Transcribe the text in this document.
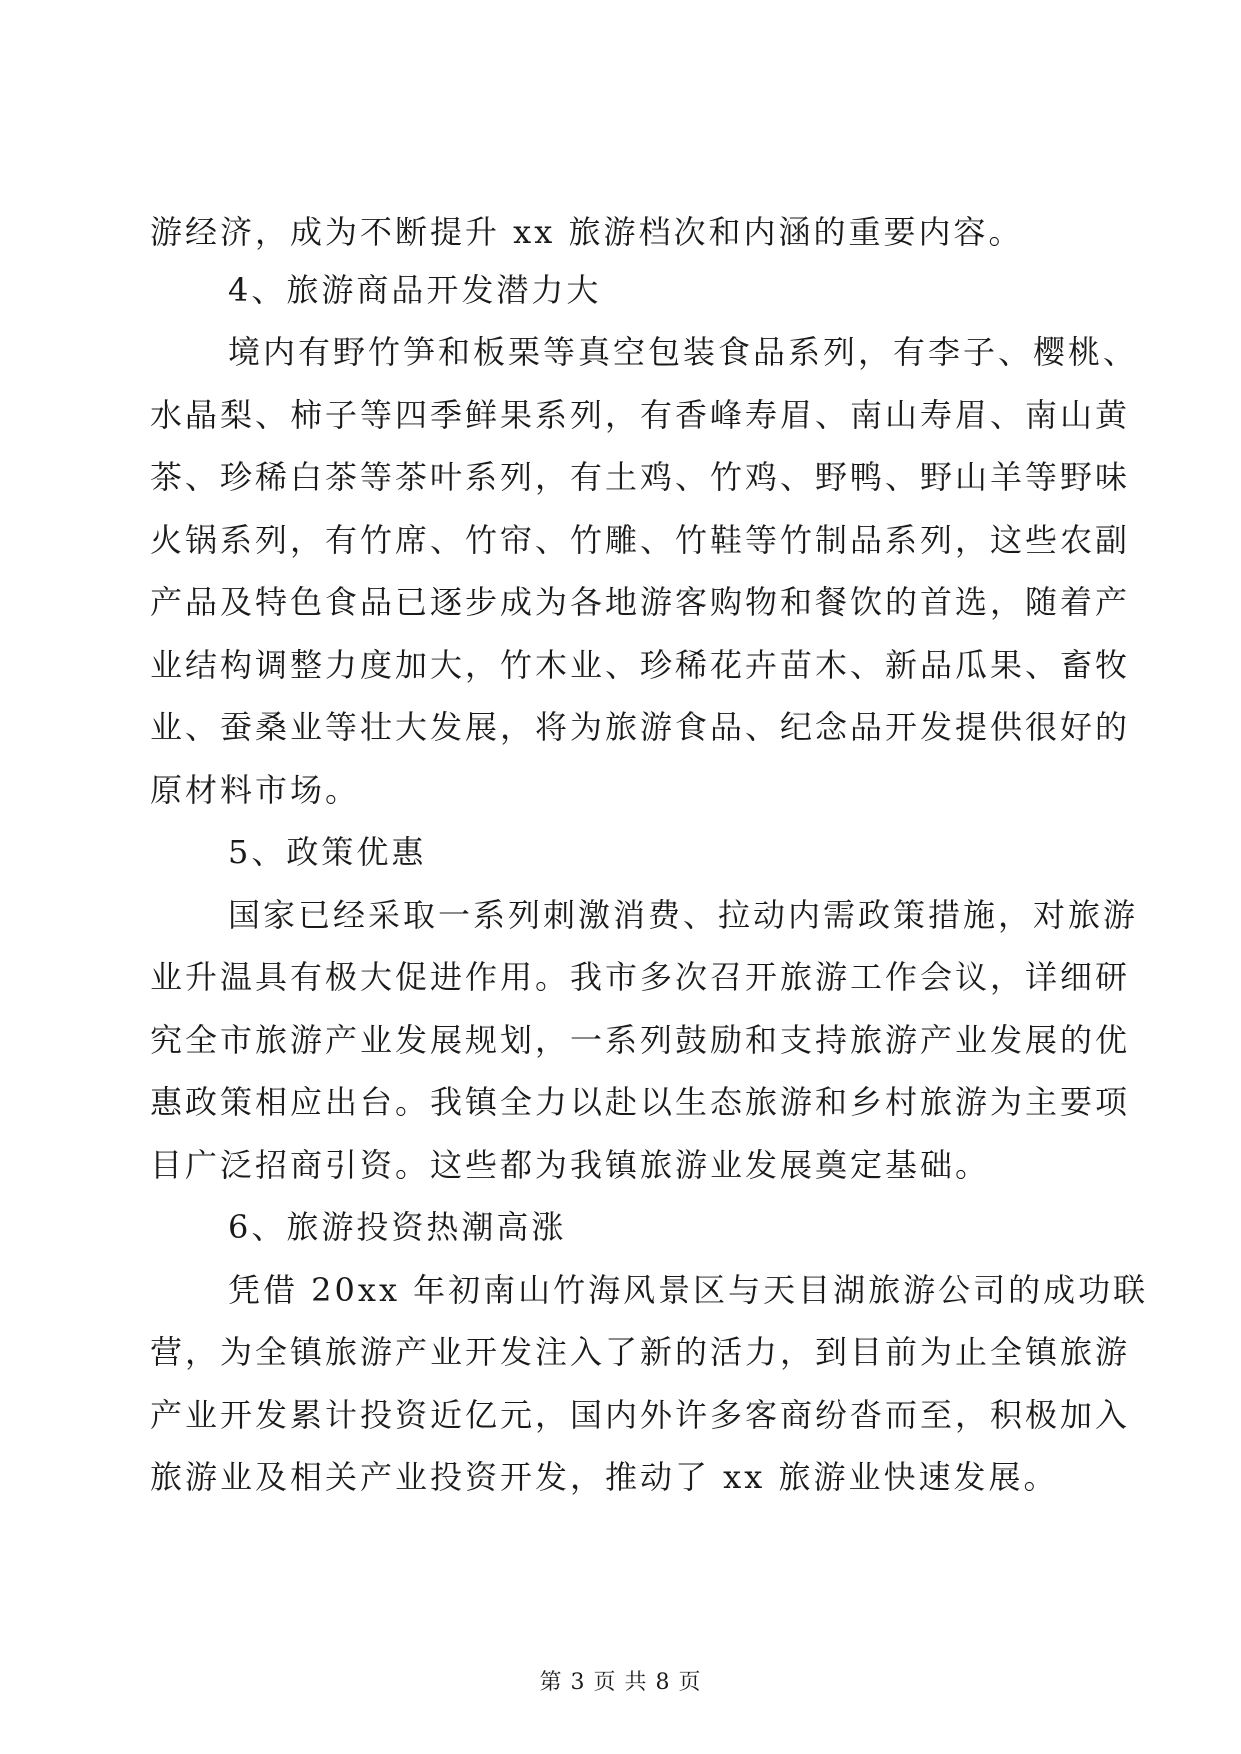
游经济，成为不断提升 xx 旅游档次和内涵的重要内容。
4、旅游商品开发潜力大
境内有野竹笋和板栗等真空包装食品系列，有李子、樱桃、
水晶梨、柿子等四季鲜果系列，有香峰寿眉、南山寿眉、南山黄
茶、珍稀白茶等茶叶系列，有土鸡、竹鸡、野鸭、野山羊等野味
火锅系列，有竹席、竹帘、竹雕、竹鞋等竹制品系列，这些农副
产品及特色食品已逐步成为各地游客购物和餐饮的首选，随着产
业结构调整力度加大，竹木业、珍稀花卉苗木、新品瓜果、畜牧
业、蚕桑业等壮大发展，将为旅游食品、纪念品开发提供很好的
原材料市场。
5、政策优惠
国家已经采取一系列刺激消费、拉动内需政策措施，对旅游
业升温具有极大促进作用。我市多次召开旅游工作会议，详细研
究全市旅游产业发展规划，一系列鼓励和支持旅游产业发展的优
惠政策相应出台。我镇全力以赴以生态旅游和乡村旅游为主要项
目广泛招商引资。这些都为我镇旅游业发展奠定基础。
6、旅游投资热潮高涨
凭借 20xx 年初南山竹海风景区与天目湖旅游公司的成功联
营，为全镇旅游产业开发注入了新的活力，到目前为止全镇旅游
产业开发累计投资近亿元，国内外许多客商纷沓而至，积极加入
旅游业及相关产业投资开发，推动了 xx 旅游业快速发展。
第 3 页 共 8 页
